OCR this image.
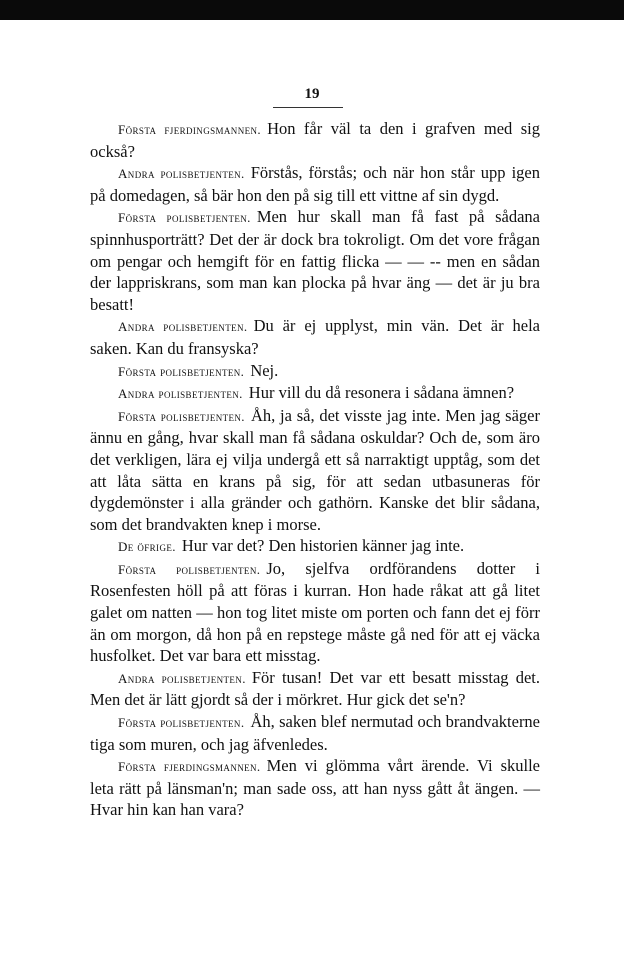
19

Första fjerdingsmannen. Hon får väl ta den i grafven med sig också?

Andra polisbetjenten. Förstås, förstås; och när hon står upp igen på domedagen, så bär hon den på sig till ett vittne af sin dygd.

Första polisbetjenten. Men hur skall man få fast på sådana spinnhusporträtt? Det der är dock bra tokroligt. Om det vore frågan om pengar och hemgift för en fattig flicka — — -- men en sådan der lappriskrans, som man kan plocka på hvar äng — det är ju bra besatt!

Andra polisbetjenten. Du är ej upplyst, min vän. Det är hela saken. Kan du fransyska?

Första polisbetjenten. Nej.

Andra polisbetjenten. Hur vill du då resonera i sådana ämnen?

Första polisbetjenten. Åh, ja så, det visste jag inte. Men jag säger ännu en gång, hvar skall man få sådana oskuldar? Och de, som äro det verkligen, lära ej vilja undergå ett så narraktigt upptåg, som det att låta sätta en krans på sig, för att sedan utbasuneras för dygdemönster i alla gränder och gathörn. Kanske det blir sådana, som det brandvakten knep i morse.

De öfrige. Hur var det? Den historien känner jag inte.

Första polisbetjenten. Jo, sjelfva ordförandens dotter i Rosenfesten höll på att föras i kurran. Hon hade råkat att gå litet galet om natten — hon tog litet miste om porten och fann det ej förr än om morgon, då hon på en repstege måste gå ned för att ej väcka husfolket. Det var bara ett misstag.

Andra polisbetjenten. För tusan! Det var ett besatt misstag det. Men det är lätt gjordt så der i mörkret. Hur gick det se'n?

Första polisbetjenten. Åh, saken blef nermutad och brandvakterne tiga som muren, och jag äfvenledes.

Första fjerdingsmannen. Men vi glömma vårt ärende. Vi skulle leta rätt på länsman'n; man sade oss, att han nyss gått åt ängen. — Hvar hin kan han vara?
